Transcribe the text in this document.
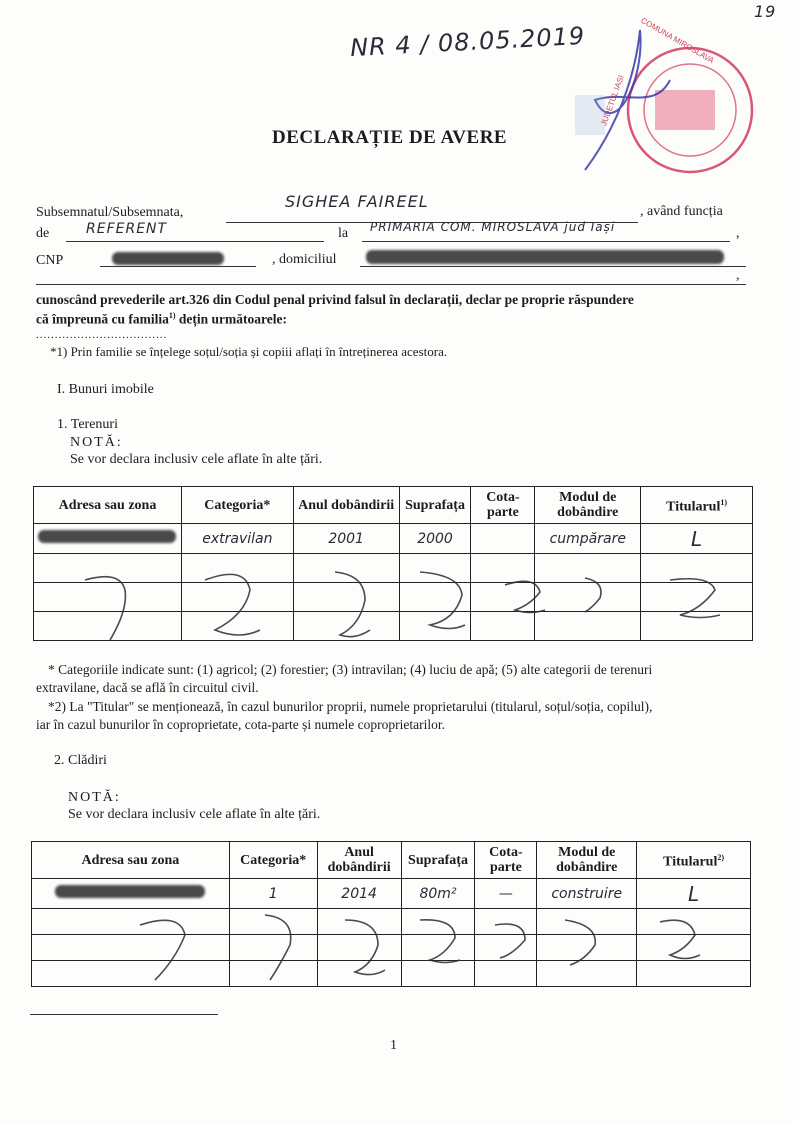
19
NR 4 / 08.05.2019	COMUNA MIROSLAVA
JUDETUL IASI
DECLARAȚIE DE AVERE
Subsemnatul/Subsemnata,
SIGHEA FAIREEL
, având funcția
de	REFERENT	la PRIMARIA COM. MIROSLAVA jud Iași	,
CNP	, domiciliul
,
cunoscând prevederile art.326 din Codul penal privind falsul în declarații, declar pe proprie răspundere
că împreună cu familia$^{1)}$ dețin următoarele:
...................................
*1) Prin familie se înțelege soțul/soția și copiii aflați în întreținerea acestora.
I. Bunuri imobile
1. Terenuri
NOTĂ:
Se vor declara inclusiv cele aflate în alte țări.
Adresa sau zona	Categoria*	Anul dobândirii	Suprafața	Cota-parte	Modul de dobândire	Titularul$^{1)}$
	extravilan	2001	2000		cumpărare	L

* Categoriile indicate sunt: (1) agricol; (2) forestier; (3) intravilan; (4) luciu de apă; (5) alte categorii de terenuri
extravilane, dacă se află în circuitul civil.
*2) La "Titular" se menționează, în cazul bunurilor proprii, numele proprietarului (titularul, soțul/soția, copilul),
iar în cazul bunurilor în coproprietate, cota-parte și numele coproprietarilor.
2. Clădiri
NOTĂ:
Se vor declara inclusiv cele aflate în alte țări.
Adresa sau zona	Categoria*	Anul dobândirii	Suprafața	Cota-parte	Modul de dobândire	Titularul$^{2)}$
	1	2014	80m²	—	construire	L

1
